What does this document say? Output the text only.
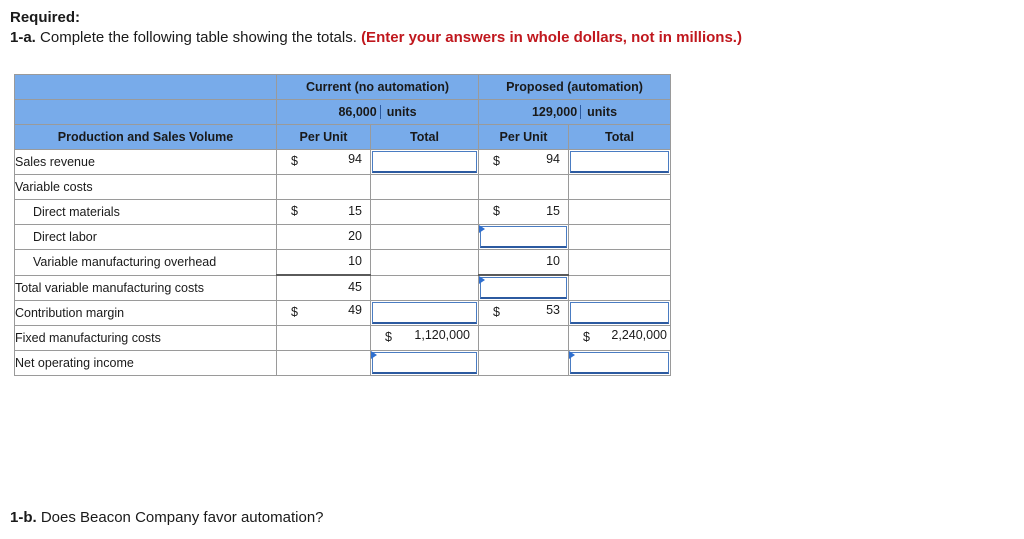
Required:
1-a. Complete the following table showing the totals. (Enter your answers in whole dollars, not in millions.)
	Current (no automation)		Proposed (automation)	

	86,000 units		129,000 units	

Production and Sales Volume	Per Unit	Total	Per Unit	Total
Sales revenue	$ 94		$ 94	

Variable costs				
Direct materials	$ 15		$ 15	

Direct labor	20			

Variable manufacturing overhead	10		10	

Total variable manufacturing costs	45			

Contribution margin	$ 49		$ 53	

Fixed manufacturing costs		$ 1,120,000		$ 2,240,000

Net operating income		

1-b. Does Beacon Company favor automation?
